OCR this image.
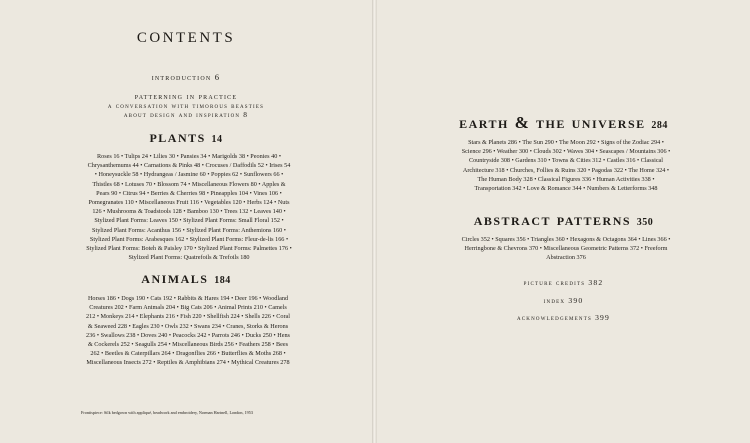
contents
introduction 6
patterning in practice
a conversation with timorous beasties
about design and inspiration 8
plants 14

Roses 16 • Tulips 24 • Lilies 30 • Pansies 34 • Marigolds 38 • Peonies 40 • Chrysanthemums 44 • Carnations & Pinks 48 • Crocuses / Daffodils 52 • Irises 54 • Honeysuckle 58 • Hydrangeas / Jasmine 60 • Poppies 62 • Sunflowers 66 • Thistles 68 • Lotuses 70 • Blossom 74 • Miscellaneous Flowers 80 • Apples & Pears 90 • Citrus 94 • Berries & Cherries 98 • Pineapples 104 • Vines 106 • Pomegranates 110 • Miscellaneous Fruit 116 • Vegetables 120 • Herbs 124 • Nuts 126 • Mushrooms & Toadstools 128 • Bamboo 130 • Trees 132 • Leaves 140 • Stylized Plant Forms: Leaves 150 • Stylized Plant Forms: Small Floral 152 • Stylized Plant Forms: Acanthus 156 • Stylized Plant Forms: Anthemions 160 • Stylized Plant Forms: Arabesques 162 • Stylized Plant Forms: Fleur-de-lis 166 • Stylized Plant Forms: Boteh & Paisley 170 • Stylized Plant Forms: Palmettes 176 • Stylized Plant Forms: Quatrefoils & Trefoils 180

animals 184

Horses 186 • Dogs 190 • Cats 192 • Rabbits & Hares 194 • Deer 196 • Woodland Creatures 202 • Farm Animals 204 • Big Cats 206 • Animal Prints 210 • Camels 212 • Monkeys 214 • Elephants 216 • Fish 220 • Shellfish 224 • Shells 226 • Coral & Seaweed 228 • Eagles 230 • Owls 232 • Swans 234 • Cranes, Storks & Herons 236 • Swallows 238 • Doves 240 • Peacocks 242 • Parrots 246 • Ducks 250 • Hens & Cockerels 252 • Seagulls 254 • Miscellaneous Birds 256 • Feathers 258 • Bees 262 • Beetles & Caterpillars 264 • Dragonflies 266 • Butterflies & Moths 268 • Miscellaneous Insects 272 • Reptiles & Amphibians 274 • Mythical Creatures 278

Frontispiece: Silk bedgown with appliqué, beadwork and embroidery, Norman Hartnell, London, 1953
earth & the universe 284

Stars & Planets 286 • The Sun 290 • The Moon 292 • Signs of the Zodiac 294 • Science 296 • Weather 300 • Clouds 302 • Waves 304 • Seascapes / Mountains 306 • Countryside 308 • Gardens 310 • Towns & Cities 312 • Castles 316 • Classical Architecture 318 • Churches, Follies & Ruins 320 • Pagodas 322 • The Home 324 • The Human Body 328 • Classical Figures 336 • Human Activities 338 • Transportation 342 • Love & Romance 344 • Numbers & Letterforms 348

abstract patterns 350

Circles 352 • Squares 356 • Triangles 360 • Hexagons & Octagons 364 • Lines 366 • Herringbone & Chevrons 370 • Miscellaneous Geometric Patterns 372 • Freeform Abstraction 376

picture credits 382
index 390
acknowledgements 399
